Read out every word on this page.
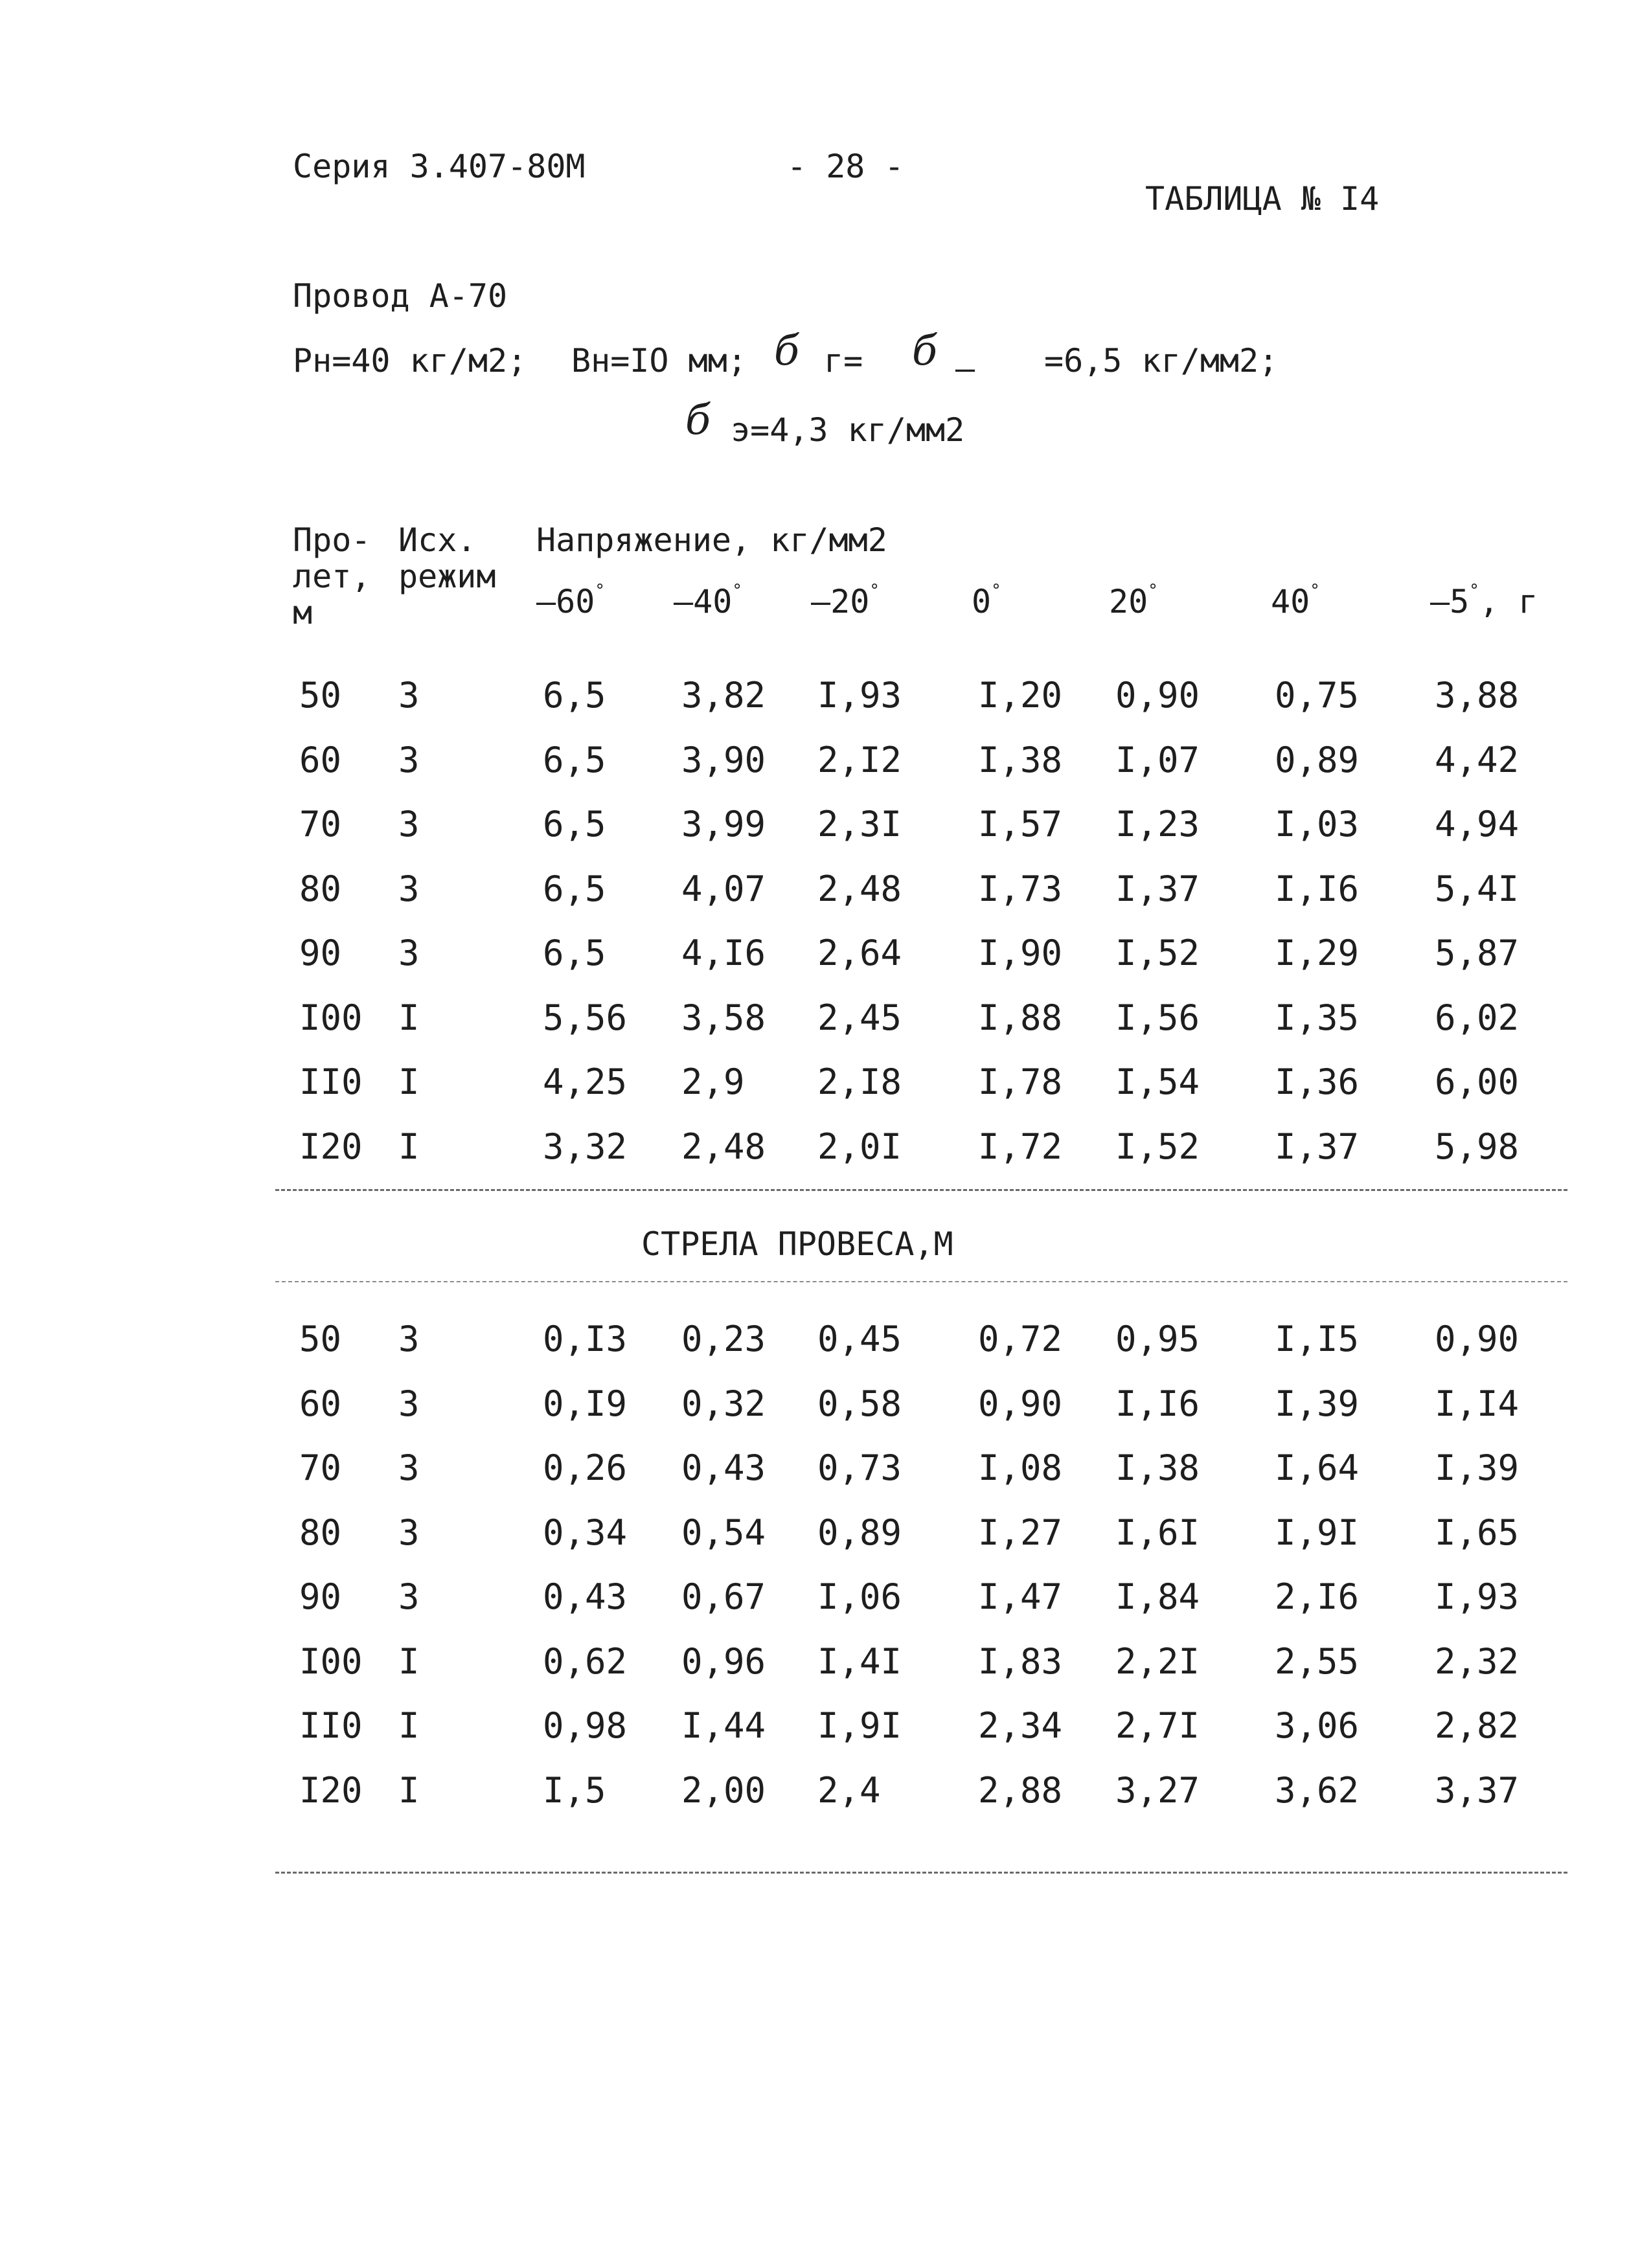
Серия 3.407-80М	- 28 -
ТАБЛИЦА № I4
Провод А-70
Рн=40 кг/м2; Вн=IO мм; б г= б – =6,5 кг/мм2;
б э=4,3 кг/мм2
Про- лет, м
Исх. режим
Напряжение, кг/мм2
–60° –40° –20°	0°	20°	40°	–5°, г
50 3	6,5 3,82 I,93 I,20 0,90 0,75 3,88
60 3	6,5 3,90 2,I2 I,38 I,07 0,89 4,42
70 3	6,5 3,99 2,3I I,57 I,23 I,03 4,94
80 3	6,5 4,07 2,48 I,73 I,37 I,I6 5,4I
90 3	6,5 4,I6 2,64 I,90 I,52 I,29 5,87
I00 I	5,56 3,58 2,45 I,88 I,56 I,35 6,02
II0 I	4,25 2,9 2,I8 I,78 I,54 I,36 6,00
I20 I	3,32 2,48 2,0I I,72 I,52 I,37 5,98
СТРЕЛА ПРОВЕСА,М
50 3	0,I3 0,23 0,45 0,72 0,95 I,I5 0,90
60 3	0,I9 0,32 0,58 0,90 I,I6 I,39 I,I4
70 3	0,26 0,43 0,73 I,08 I,38 I,64 I,39
80 3	0,34 0,54 0,89 I,27 I,6I I,9I I,65
90 3	0,43 0,67 I,06 I,47 I,84 2,I6 I,93
I00 I	0,62 0,96 I,4I I,83 2,2I 2,55 2,32
II0 I	0,98 I,44 I,9I 2,34 2,7I 3,06 2,82
I20 I	I,5 2,00 2,4	2,88 3,27 3,62 3,37
